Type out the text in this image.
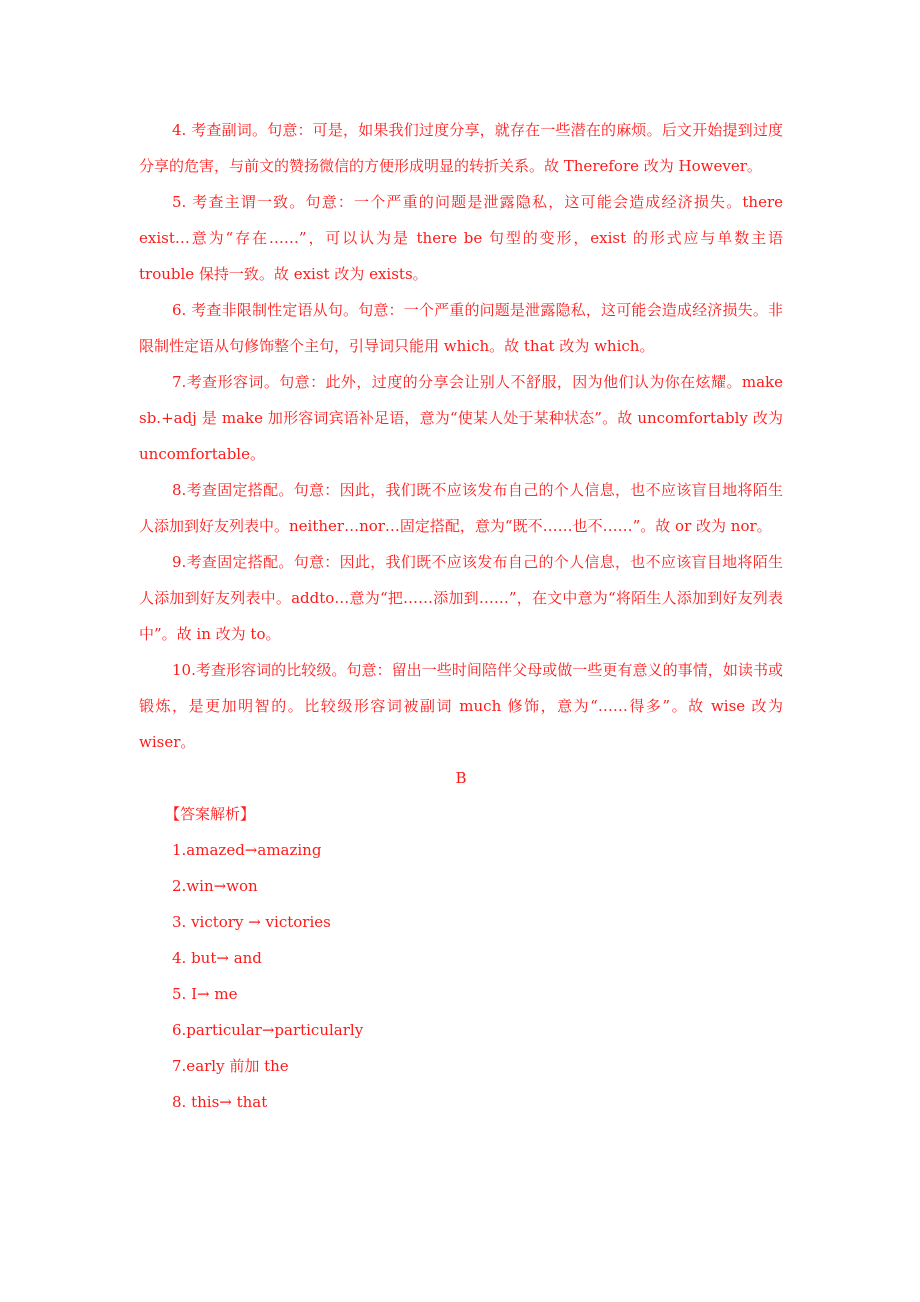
4. 考查副词。句意：可是，如果我们过度分享，就存在一些潜在的麻烦。后文开始提到过度分享的危害，与前文的赞扬微信的方便形成明显的转折关系。故 Therefore 改为 However。

5. 考查主谓一致。句意：一个严重的问题是泄露隐私，这可能会造成经济损失。there exist…意为“存在……”，可以认为是 there be 句型的变形，exist 的形式应与单数主语 trouble 保持一致。故 exist 改为 exists。

6. 考查非限制性定语从句。句意：一个严重的问题是泄露隐私，这可能会造成经济损失。非限制性定语从句修饰整个主句，引导词只能用 which。故 that 改为 which。

7.考查形容词。句意：此外，过度的分享会让别人不舒服，因为他们认为你在炫耀。make sb.+adj 是 make 加形容词宾语补足语，意为“使某人处于某种状态”。故 uncomfortably 改为 uncomfortable。

8.考查固定搭配。句意：因此，我们既不应该发布自己的个人信息，也不应该盲目地将陌生人添加到好友列表中。neither…nor…固定搭配，意为“既不……也不……”。故 or 改为 nor。

9.考查固定搭配。句意：因此，我们既不应该发布自己的个人信息，也不应该盲目地将陌生人添加到好友列表中。addto…意为“把……添加到……”，在文中意为“将陌生人添加到好友列表中”。故 in 改为 to。

10.考查形容词的比较级。句意：留出一些时间陪伴父母或做一些更有意义的事情，如读书或锻炼，是更加明智的。比较级形容词被副词 much 修饰，意为“……得多”。故 wise 改为 wiser。

B

【答案解析】

1.amazed→amazing

2.win→won

3. victory → victories

4. but→ and

5. I→ me

6.particular→particularly

7.early 前加 the

8. this→ that
